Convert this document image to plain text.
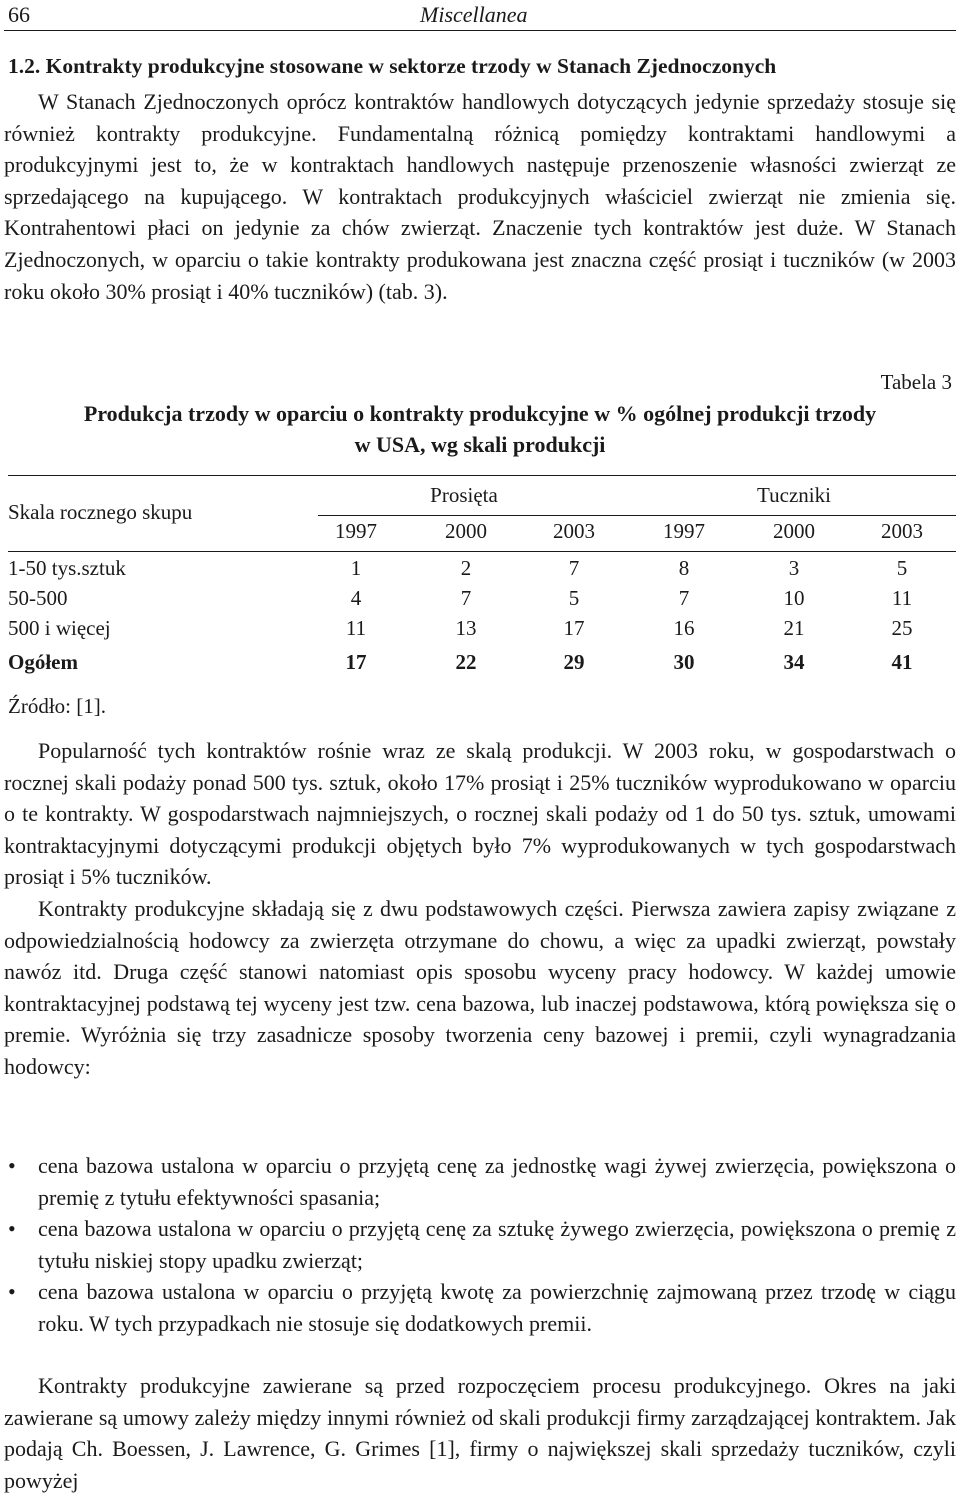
66	Miscellanea
1.2. Kontrakty produkcyjne stosowane w sektorze trzody w Stanach Zjednoczonych

W Stanach Zjednoczonych oprócz kontraktów handlowych dotyczących jedynie sprzedaży stosuje się również kontrakty produkcyjne. Fundamentalną różnicą pomiędzy kontraktami handlowymi a produkcyjnymi jest to, że w kontraktach handlowych następuje przenoszenie własności zwierząt ze sprzedającego na kupującego. W kontraktach produkcyjnych właściciel zwierząt nie zmienia się. Kontrahentowi płaci on jedynie za chów zwierząt. Znaczenie tych kontraktów jest duże. W Stanach Zjednoczonych, w oparciu o takie kontrakty produkowana jest znaczna część prosiąt i tuczników (w 2003 roku około 30% prosiąt i 40% tuczników) (tab. 3).

Tabela 3
Produkcja trzody w oparciu o kontrakty produkcyjne w % ogólnej produkcji trzody
w USA, wg skali produkcji
Skala rocznego skupu
Prosięta	Tuczniki
1997	2000	2003	1997	2000	2003
1-50 tys.sztuk	1	2	7	8	3	5
50-500	4	7	5	7	10	11
500 i więcej	11	13	17	16	21	25
Ogółem	17	22	29	30	34	41
Źródło: [1].

Popularność tych kontraktów rośnie wraz ze skalą produkcji. W 2003 roku, w gospodarstwach o rocznej skali podaży ponad 500 tys. sztuk, około 17% prosiąt i 25% tuczników wyprodukowano w oparciu o te kontrakty. W gospodarstwach najmniejszych, o rocznej skali podaży od 1 do 50 tys. sztuk, umowami kontraktacyjnymi dotyczącymi produkcji objętych było 7% wyprodukowanych w tych gospodarstwach prosiąt i 5% tuczników.

Kontrakty produkcyjne składają się z dwu podstawowych części. Pierwsza zawiera zapisy związane z odpowiedzialnością hodowcy za zwierzęta otrzymane do chowu, a więc za upadki zwierząt, powstały nawóz itd. Druga część stanowi natomiast opis sposobu wyceny pracy hodowcy. W każdej umowie kontraktacyjnej podstawą tej wyceny jest tzw. cena bazowa, lub inaczej podstawowa, którą powiększa się o premie. Wyróżnia się trzy zasadnicze sposoby tworzenia ceny bazowej i premii, czyli wynagradzania hodowcy:

• cena bazowa ustalona w oparciu o przyjętą cenę za jednostkę wagi żywej zwierzęcia, powiększona o premię z tytułu efektywności spasania;
• cena bazowa ustalona w oparciu o przyjętą cenę za sztukę żywego zwierzęcia, powiększona o premię z tytułu niskiej stopy upadku zwierząt;
• cena bazowa ustalona w oparciu o przyjętą kwotę za powierzchnię zajmowaną przez trzodę w ciągu roku. W tych przypadkach nie stosuje się dodatkowych premii.

Kontrakty produkcyjne zawierane są przed rozpoczęciem procesu produkcyjnego. Okres na jaki zawierane są umowy zależy między innymi również od skali produkcji firmy zarządzającej kontraktem. Jak podają Ch. Boessen, J. Lawrence, G. Grimes [1], firmy o największej skali sprzedaży tuczników, czyli powyżej
